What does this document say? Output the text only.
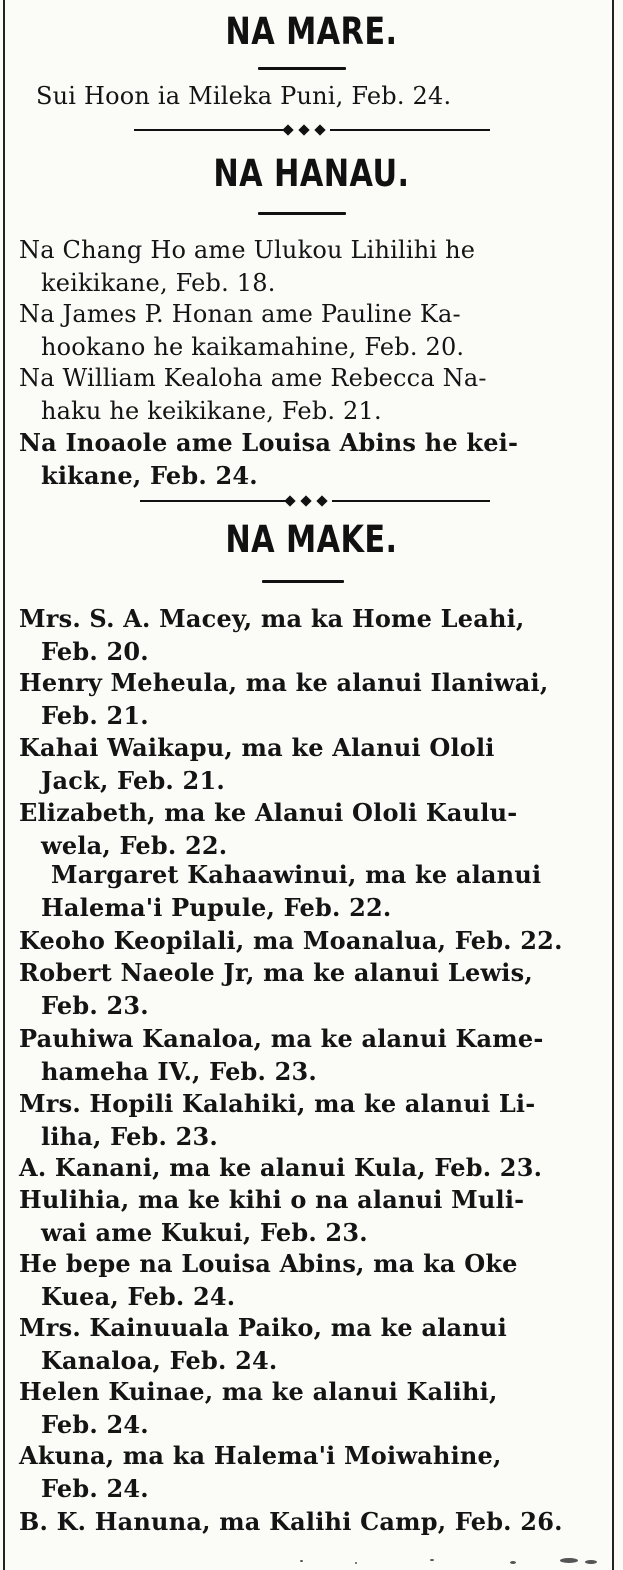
NA MARE.
Sui Hoon ia Mileka Puni, Feb. 24.
NA HANAU.
Na Chang Ho ame Ulukou Lihilihi he
keikikane, Feb. 18.
Na James P. Honan ame Pauline Ka-
hookano he kaikamahine, Feb. 20.
Na William Kealoha ame Rebecca Na-
haku he keikikane, Feb. 21.
Na Inoaole ame Louisa Abins he kei-
kikane, Feb. 24.
NA MAKE.
Mrs. S. A. Macey, ma ka Home Leahi,
Feb. 20.
Henry Meheula, ma ke alanui Ilaniwai,
Feb. 21.
Kahai Waikapu, ma ke Alanui Ololi
Jack, Feb. 21.
Elizabeth, ma ke Alanui Ololi Kaulu-
wela, Feb. 22.
Margaret Kahaawinui, ma ke alanui
Halema'i Pupule, Feb. 22.
Keoho Keopilali, ma Moanalua, Feb. 22.
Robert Naeole Jr, ma ke alanui Lewis,
Feb. 23.
Pauhiwa Kanaloa, ma ke alanui Kame-
hameha IV., Feb. 23.
Mrs. Hopili Kalahiki, ma ke alanui Li-
liha, Feb. 23.
A. Kanani, ma ke alanui Kula, Feb. 23.
Hulihia, ma ke kihi o na alanui Muli-
wai ame Kukui, Feb. 23.
He bepe na Louisa Abins, ma ka Oke
Kuea, Feb. 24.
Mrs. Kainuuala Paiko, ma ke alanui
Kanaloa, Feb. 24.
Helen Kuinae, ma ke alanui Kalihi,
Feb. 24.
Akuna, ma ka Halema'i Moiwahine,
Feb. 24.
B. K. Hanuna, ma Kalihi Camp, Feb. 26.
